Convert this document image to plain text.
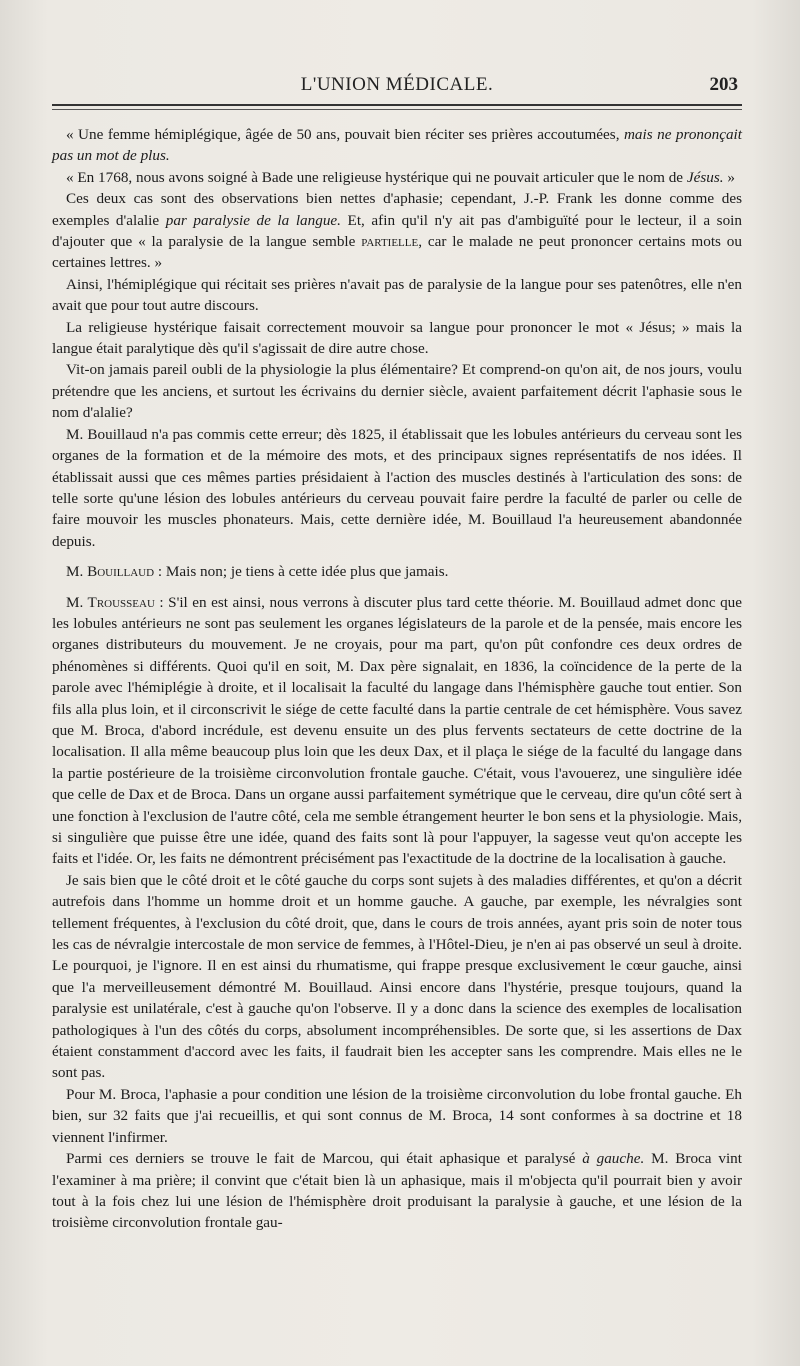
L'UNION MÉDICALE.	203

« Une femme hémiplégique, âgée de 50 ans, pouvait bien réciter ses prières accoutumées, mais ne prononçait pas un mot de plus.

« En 1768, nous avons soigné à Bade une religieuse hystérique qui ne pouvait articuler que le nom de Jésus. »

Ces deux cas sont des observations bien nettes d'aphasie; cependant, J.-P. Frank les donne comme des exemples d'alalie par paralysie de la langue. Et, afin qu'il n'y ait pas d'ambiguïté pour le lecteur, il a soin d'ajouter que « la paralysie de la langue semble partielle, car le malade ne peut prononcer certains mots ou certaines lettres. »

Ainsi, l'hémiplégique qui récitait ses prières n'avait pas de paralysie de la langue pour ses patenôtres, elle n'en avait que pour tout autre discours.

La religieuse hystérique faisait correctement mouvoir sa langue pour prononcer le mot « Jésus; » mais la langue était paralytique dès qu'il s'agissait de dire autre chose.

Vit-on jamais pareil oubli de la physiologie la plus élémentaire? Et comprend-on qu'on ait, de nos jours, voulu prétendre que les anciens, et surtout les écrivains du dernier siècle, avaient parfaitement décrit l'aphasie sous le nom d'alalie?

M. Bouillaud n'a pas commis cette erreur; dès 1825, il établissait que les lobules antérieurs du cerveau sont les organes de la formation et de la mémoire des mots, et des principaux signes représentatifs de nos idées. Il établissait aussi que ces mêmes parties présidaient à l'action des muscles destinés à l'articulation des sons: de telle sorte qu'une lésion des lobules antérieurs du cerveau pouvait faire perdre la faculté de parler ou celle de faire mouvoir les muscles phonateurs. Mais, cette dernière idée, M. Bouillaud l'a heureusement abandonnée depuis.

M. Bouillaud : Mais non; je tiens à cette idée plus que jamais.

M. Trousseau : S'il en est ainsi, nous verrons à discuter plus tard cette théorie. M. Bouillaud admet donc que les lobules antérieurs ne sont pas seulement les organes législateurs de la parole et de la pensée, mais encore les organes distributeurs du mouvement. Je ne croyais, pour ma part, qu'on pût confondre ces deux ordres de phénomènes si différents. Quoi qu'il en soit, M. Dax père signalait, en 1836, la coïncidence de la perte de la parole avec l'hémiplégie à droite, et il localisait la faculté du langage dans l'hémisphère gauche tout entier. Son fils alla plus loin, et il circonscrivit le siége de cette faculté dans la partie centrale de cet hémisphère. Vous savez que M. Broca, d'abord incrédule, est devenu ensuite un des plus fervents sectateurs de cette doctrine de la localisation. Il alla même beaucoup plus loin que les deux Dax, et il plaça le siége de la faculté du langage dans la partie postérieure de la troisième circonvolution frontale gauche. C'était, vous l'avouerez, une singulière idée que celle de Dax et de Broca. Dans un organe aussi parfaitement symétrique que le cerveau, dire qu'un côté sert à une fonction à l'exclusion de l'autre côté, cela me semble étrangement heurter le bon sens et la physiologie. Mais, si singulière que puisse être une idée, quand des faits sont là pour l'appuyer, la sagesse veut qu'on accepte les faits et l'idée. Or, les faits ne démontrent précisément pas l'exactitude de la doctrine de la localisation à gauche.

Je sais bien que le côté droit et le côté gauche du corps sont sujets à des maladies différentes, et qu'on a décrit autrefois dans l'homme un homme droit et un homme gauche. A gauche, par exemple, les névralgies sont tellement fréquentes, à l'exclusion du côté droit, que, dans le cours de trois années, ayant pris soin de noter tous les cas de névralgie intercostale de mon service de femmes, à l'Hôtel-Dieu, je n'en ai pas observé un seul à droite. Le pourquoi, je l'ignore. Il en est ainsi du rhumatisme, qui frappe presque exclusivement le cœur gauche, ainsi que l'a merveilleusement démontré M. Bouillaud. Ainsi encore dans l'hystérie, presque toujours, quand la paralysie est unilatérale, c'est à gauche qu'on l'observe. Il y a donc dans la science des exemples de localisation pathologiques à l'un des côtés du corps, absolument incompréhensibles. De sorte que, si les assertions de Dax étaient constamment d'accord avec les faits, il faudrait bien les accepter sans les comprendre. Mais elles ne le sont pas.

Pour M. Broca, l'aphasie a pour condition une lésion de la troisième circonvolution du lobe frontal gauche. Eh bien, sur 32 faits que j'ai recueillis, et qui sont connus de M. Broca, 14 sont conformes à sa doctrine et 18 viennent l'infirmer.

Parmi ces derniers se trouve le fait de Marcou, qui était aphasique et paralysé à gauche. M. Broca vint l'examiner à ma prière; il convint que c'était bien là un aphasique, mais il m'objecta qu'il pourrait bien y avoir tout à la fois chez lui une lésion de l'hémisphère droit produisant la paralysie à gauche, et une lésion de la troisième circonvolution frontale gau-
